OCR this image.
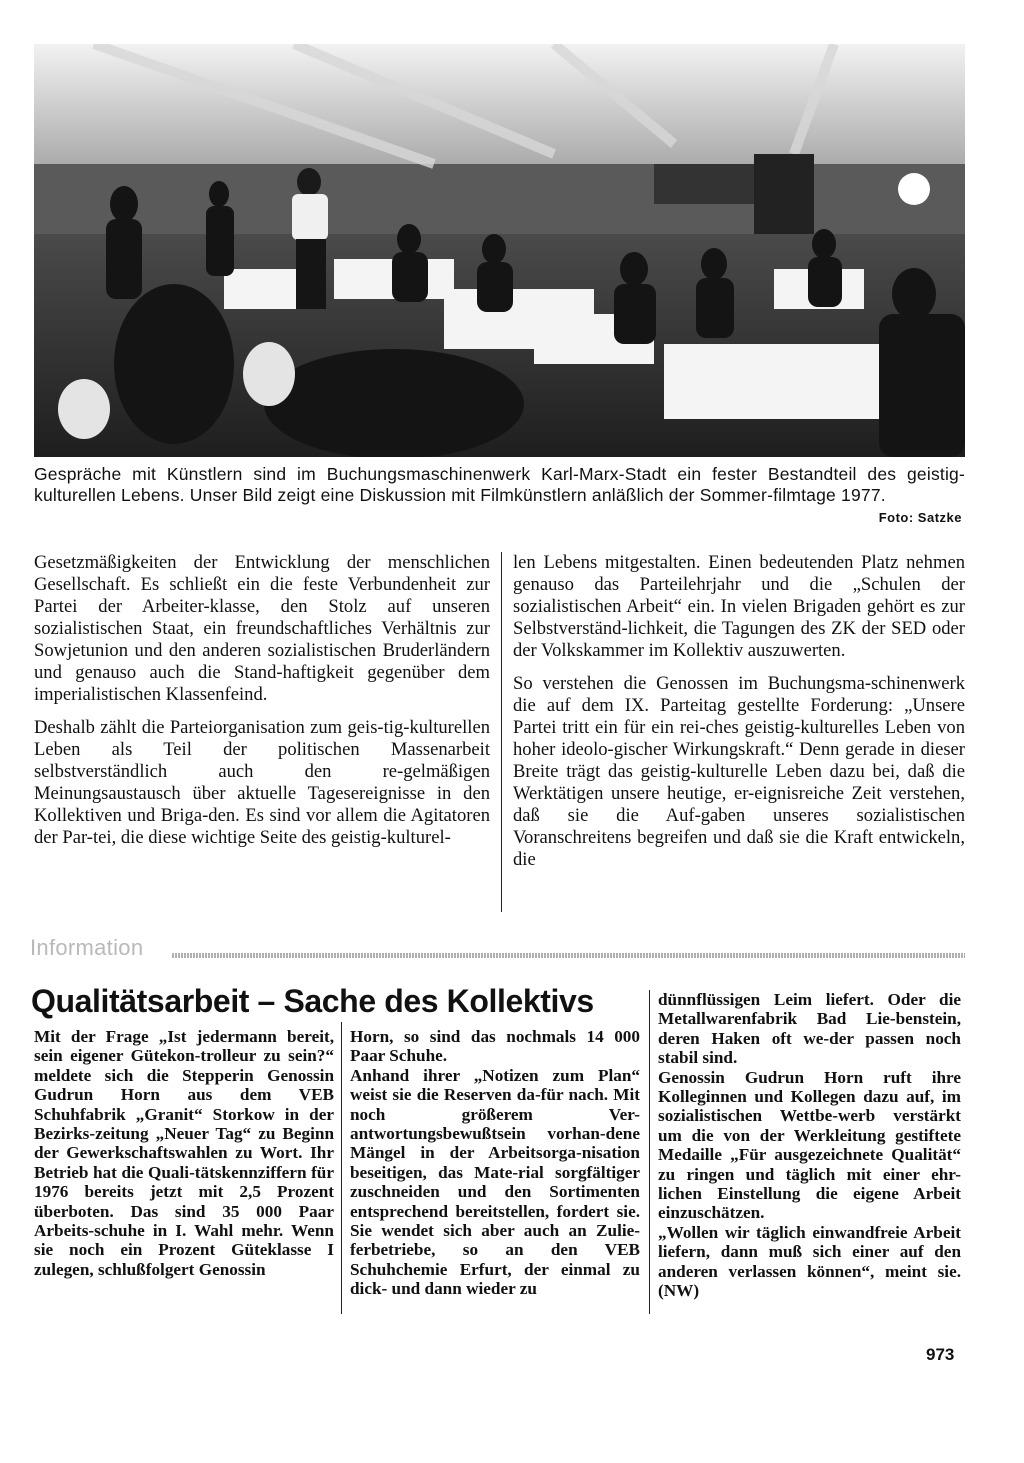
Gespräche mit Künstlern sind im Buchungsmaschinenwerk Karl-Marx-Stadt ein fester Bestandteil des geistig-kulturellen Lebens. Unser Bild zeigt eine Diskussion mit Filmkünstlern anläßlich der Sommer-filmtage 1977.
Foto: Satzke

Gesetzmäßigkeiten der Entwicklung der menschlichen Gesellschaft. Es schließt ein die feste Verbundenheit zur Partei der Arbeiter-klasse, den Stolz auf unseren sozialistischen Staat, ein freundschaftliches Verhältnis zur Sowjetunion und den anderen sozialistischen Bruderländern und genauso auch die Stand-haftigkeit gegenüber dem imperialistischen Klassenfeind.

Deshalb zählt die Parteiorganisation zum geis-tig-kulturellen Leben als Teil der politischen Massenarbeit selbstverständlich auch den re-gelmäßigen Meinungsaustausch über aktuelle Tagesereignisse in den Kollektiven und Briga-den. Es sind vor allem die Agitatoren der Par-tei, die diese wichtige Seite des geistig-kulturel-

len Lebens mitgestalten. Einen bedeutenden Platz nehmen genauso das Parteilehrjahr und die „Schulen der sozialistischen Arbeit“ ein. In vielen Brigaden gehört es zur Selbstverständ-lichkeit, die Tagungen des ZK der SED oder der Volkskammer im Kollektiv auszuwerten.

So verstehen die Genossen im Buchungsma-schinenwerk die auf dem IX. Parteitag gestellte Forderung: „Unsere Partei tritt ein für ein rei-ches geistig-kulturelles Leben von hoher ideolo-gischer Wirkungskraft.“ Denn gerade in dieser Breite trägt das geistig-kulturelle Leben dazu bei, daß die Werktätigen unsere heutige, er-eignisreiche Zeit verstehen, daß sie die Auf-gaben unseres sozialistischen Voranschreitens begreifen und daß sie die Kraft entwickeln, die

Information
Qualitätsarbeit – Sache des Kollektivs

Mit der Frage „Ist jedermann bereit, sein eigener Gütekon-trolleur zu sein?“ meldete sich die Stepperin Genossin Gudrun Horn aus dem VEB Schuhfabrik „Granit“ Storkow in der Bezirks-zeitung „Neuer Tag“ zu Beginn der Gewerkschaftswahlen zu Wort. Ihr Betrieb hat die Quali-tätskennziffern für 1976 bereits jetzt mit 2,5 Prozent überboten. Das sind 35 000 Paar Arbeits-schuhe in I. Wahl mehr. Wenn sie noch ein Prozent Güteklasse I zulegen, schlußfolgert Genossin

Horn, so sind das nochmals 14 000 Paar Schuhe.

Anhand ihrer „Notizen zum Plan“ weist sie die Reserven da-für nach. Mit noch größerem Ver-antwortungsbewußtsein vorhan-dene Mängel in der Arbeitsorga-nisation beseitigen, das Mate-rial sorgfältiger zuschneiden und den Sortimenten entsprechend bereitstellen, fordert sie. Sie wendet sich aber auch an Zulie-ferbetriebe, so an den VEB Schuhchemie Erfurt, der einmal zu dick- und dann wieder zu

dünnflüssigen Leim liefert. Oder die Metallwarenfabrik Bad Lie-benstein, deren Haken oft we-der passen noch stabil sind.

Genossin Gudrun Horn ruft ihre Kolleginnen und Kollegen dazu auf, im sozialistischen Wettbe-werb verstärkt um die von der Werkleitung gestiftete Medaille „Für ausgezeichnete Qualität“ zu ringen und täglich mit einer ehr-lichen Einstellung die eigene Arbeit einzuschätzen.

„Wollen wir täglich einwandfreie Arbeit liefern, dann muß sich einer auf den anderen verlassen können“, meint sie. (NW)

973
